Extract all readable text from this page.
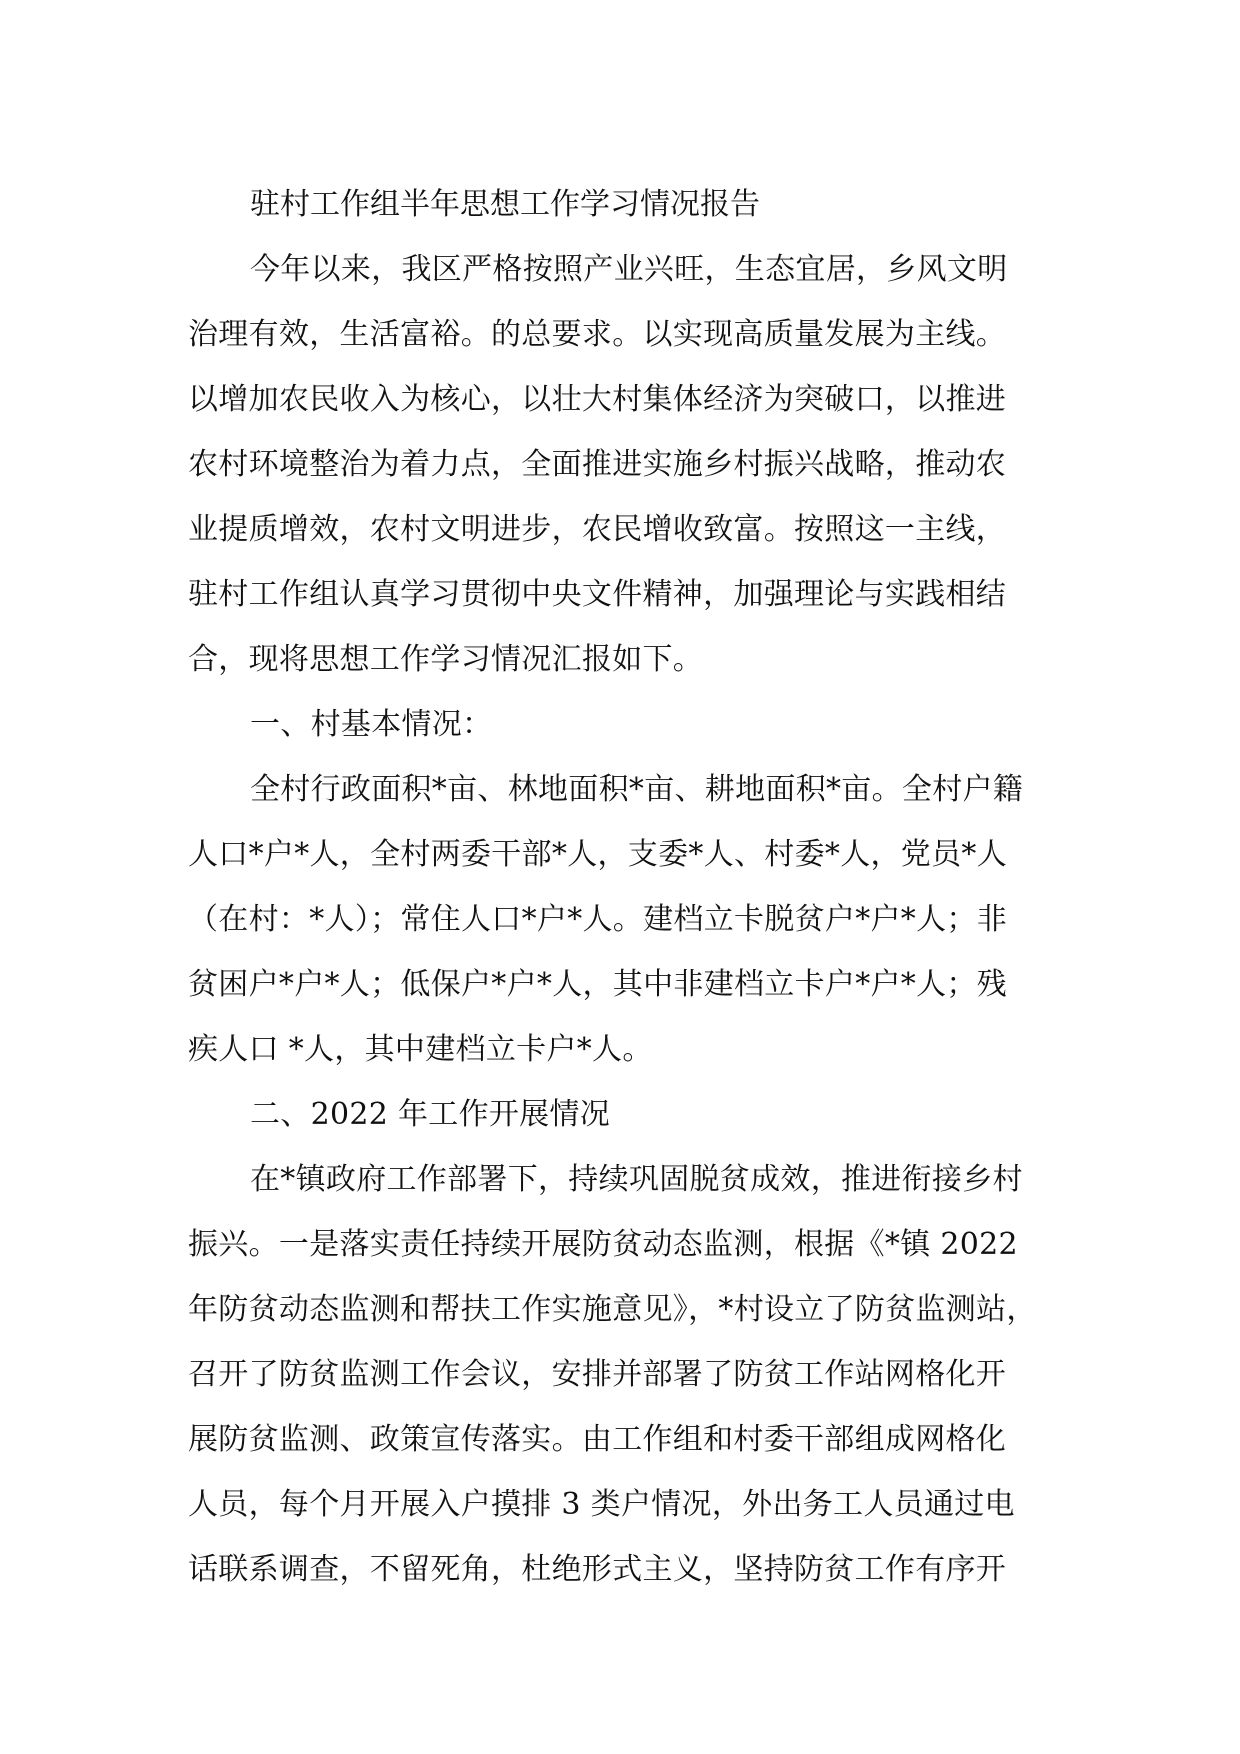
驻村工作组半年思想工作学习情况报告

今年以来，我区严格按照产业兴旺，生态宜居，乡风文明
治理有效，生活富裕。的总要求。以实现高质量发展为主线。
以增加农民收入为核心，以壮大村集体经济为突破口，以推进
农村环境整治为着力点，全面推进实施乡村振兴战略，推动农
业提质增效，农村文明进步，农民增收致富。按照这一主线，
驻村工作组认真学习贯彻中央文件精神，加强理论与实践相结
合，现将思想工作学习情况汇报如下。

一、村基本情况：

全村行政面积*亩、林地面积*亩、耕地面积*亩。全村户籍
人口*户*人，全村两委干部*人，支委*人、村委*人，党员*人
（在村：*人）；常住人口*户*人。建档立卡脱贫户*户*人；非
贫困户*户*人；低保户*户*人，其中非建档立卡户*户*人；残
疾人口 *人，其中建档立卡户*人。

二、2022 年工作开展情况

在*镇政府工作部署下，持续巩固脱贫成效，推进衔接乡村
振兴。一是落实责任持续开展防贫动态监测，根据《*镇 2022
年防贫动态监测和帮扶工作实施意见》，*村设立了防贫监测站，
召开了防贫监测工作会议，安排并部署了防贫工作站网格化开
展防贫监测、政策宣传落实。由工作组和村委干部组成网格化
人员，每个月开展入户摸排 3 类户情况，外出务工人员通过电
话联系调查，不留死角，杜绝形式主义，坚持防贫工作有序开
